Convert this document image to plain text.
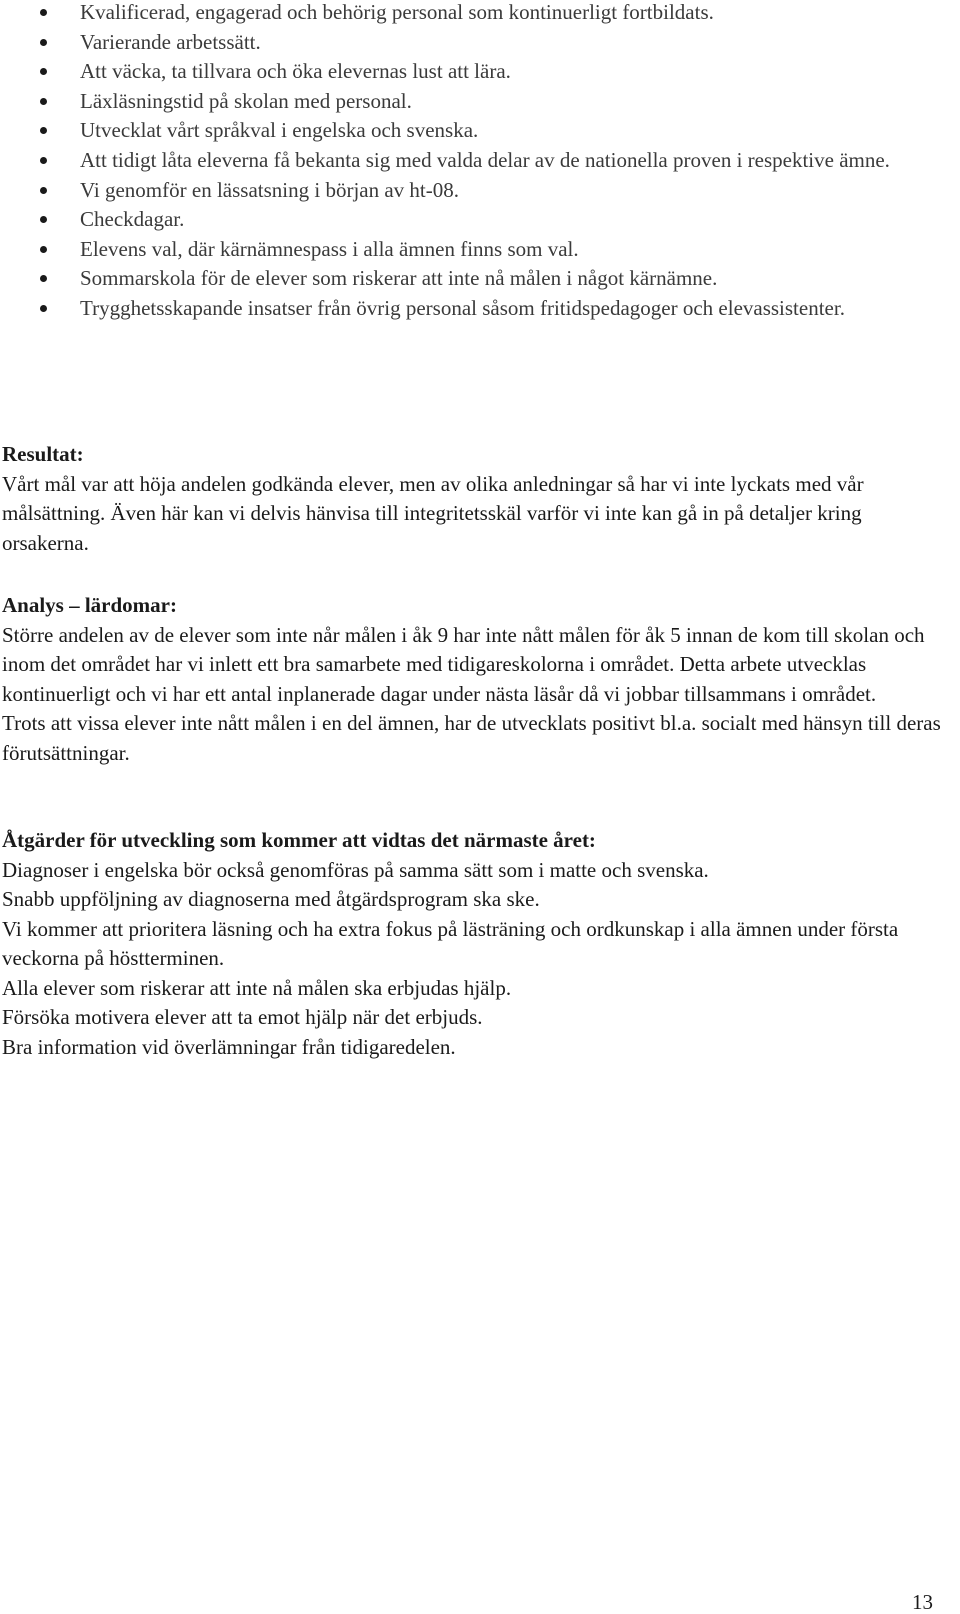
Kvalificerad, engagerad och behörig personal som kontinuerligt fortbildats.
Varierande arbetssätt.
Att väcka, ta tillvara och öka elevernas lust att lära.
Läxläsningstid på skolan med personal.
Utvecklat vårt språkval i engelska och svenska.
Att tidigt låta eleverna få bekanta sig med valda delar av de nationella proven i respektive ämne.
Vi genomför en lässatsning i början av ht-08.
Checkdagar.
Elevens val, där kärnämnespass i alla ämnen finns som val.
Sommarskola för de elever som riskerar att inte nå målen i något kärnämne.
Trygghetsskapande insatser från övrig personal såsom fritidspedagoger och elevassistenter.
Resultat:

Vårt mål var att höja andelen godkända elever, men av olika anledningar så har vi inte lyckats med vår målsättning. Även här kan vi delvis hänvisa till integritetsskäl varför vi inte kan gå in på detaljer kring orsakerna.

Analys – lärdomar:

Större andelen av de elever som inte når målen i åk 9 har inte nått målen för åk 5 innan de kom till skolan och inom det området har vi inlett ett bra samarbete med tidigareskolorna i området. Detta arbete utvecklas kontinuerligt och vi har ett antal inplanerade dagar under nästa läsår då vi jobbar tillsammans i området.

Trots att vissa elever inte nått målen i en del ämnen, har de utvecklats positivt bl.a. socialt med hänsyn till deras förutsättningar.

Åtgärder för utveckling som kommer att vidtas det närmaste året:

Diagnoser i engelska bör också genomföras på samma sätt som i matte och svenska.

Snabb uppföljning av diagnoserna med åtgärdsprogram ska ske.

Vi kommer att prioritera läsning och ha extra fokus på lästräning och ordkunskap i alla ämnen under första veckorna på höstterminen.

Alla elever som riskerar att inte nå målen ska erbjudas hjälp.

Försöka motivera elever att ta emot hjälp när det erbjuds.

Bra information vid överlämningar från tidigaredelen.

13
